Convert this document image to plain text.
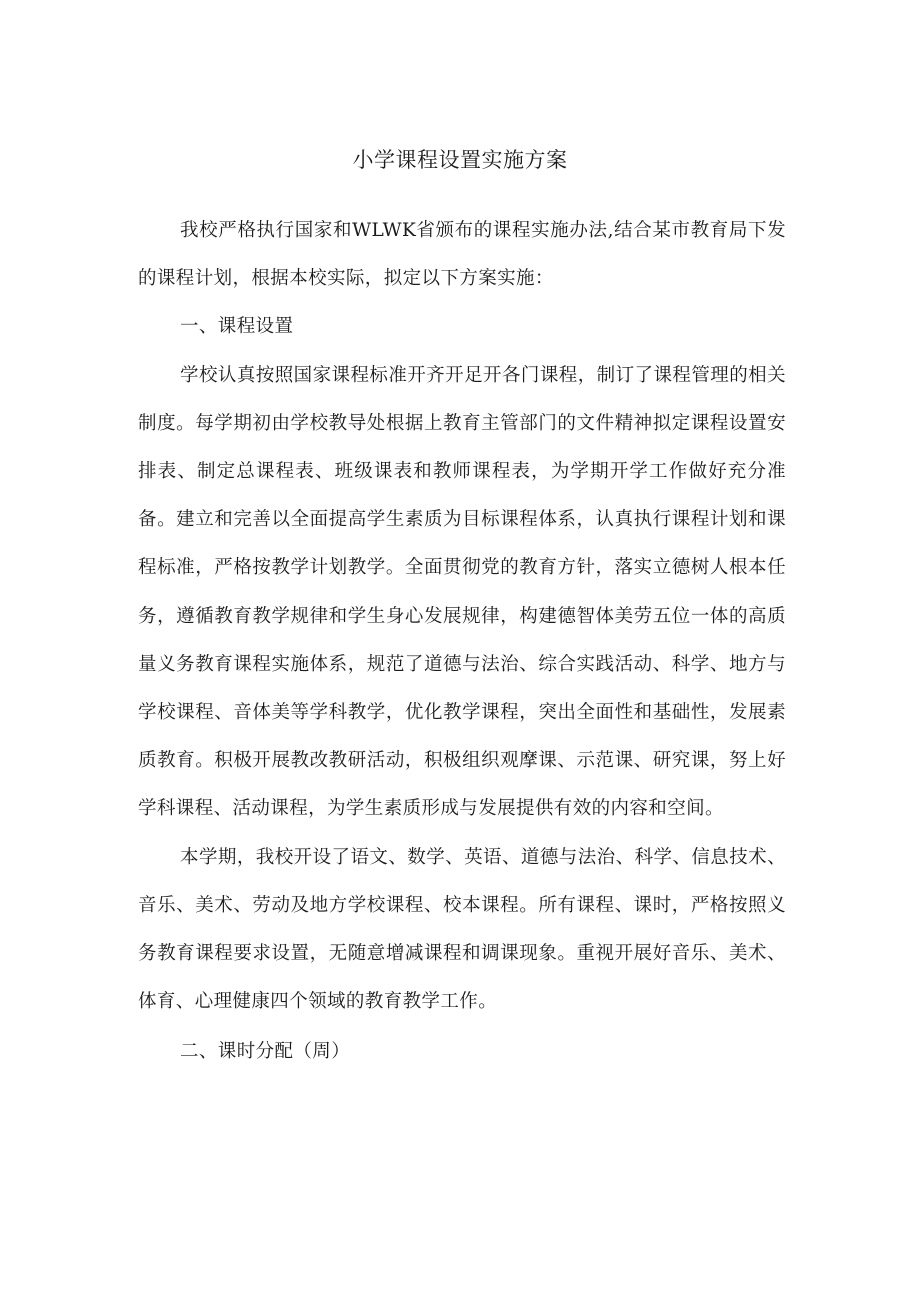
小学课程设置实施方案

我校严格执行国家和WLWK省颁布的课程实施办法,结合某市教育局下发的课程计划，根据本校实际，拟定以下方案实施：

一、课程设置

学校认真按照国家课程标准开齐开足开各门课程，制订了课程管理的相关制度。每学期初由学校教导处根据上教育主管部门的文件精神拟定课程设置安排表、制定总课程表、班级课表和教师课程表，为学期开学工作做好充分准备。建立和完善以全面提高学生素质为目标课程体系，认真执行课程计划和课程标准，严格按教学计划教学。全面贯彻党的教育方针，落实立德树人根本任务，遵循教育教学规律和学生身心发展规律，构建德智体美劳五位一体的高质量义务教育课程实施体系，规范了道德与法治、综合实践活动、科学、地方与学校课程、音体美等学科教学，优化教学课程，突出全面性和基础性，发展素质教育。积极开展教改教研活动，积极组织观摩课、示范课、研究课，努上好学科课程、活动课程，为学生素质形成与发展提供有效的内容和空间。

本学期，我校开设了语文、数学、英语、道德与法治、科学、信息技术、音乐、美术、劳动及地方学校课程、校本课程。所有课程、课时，严格按照义务教育课程要求设置，无随意增减课程和调课现象。重视开展好音乐、美术、体育、心理健康四个领域的教育教学工作。

二、课时分配（周）
